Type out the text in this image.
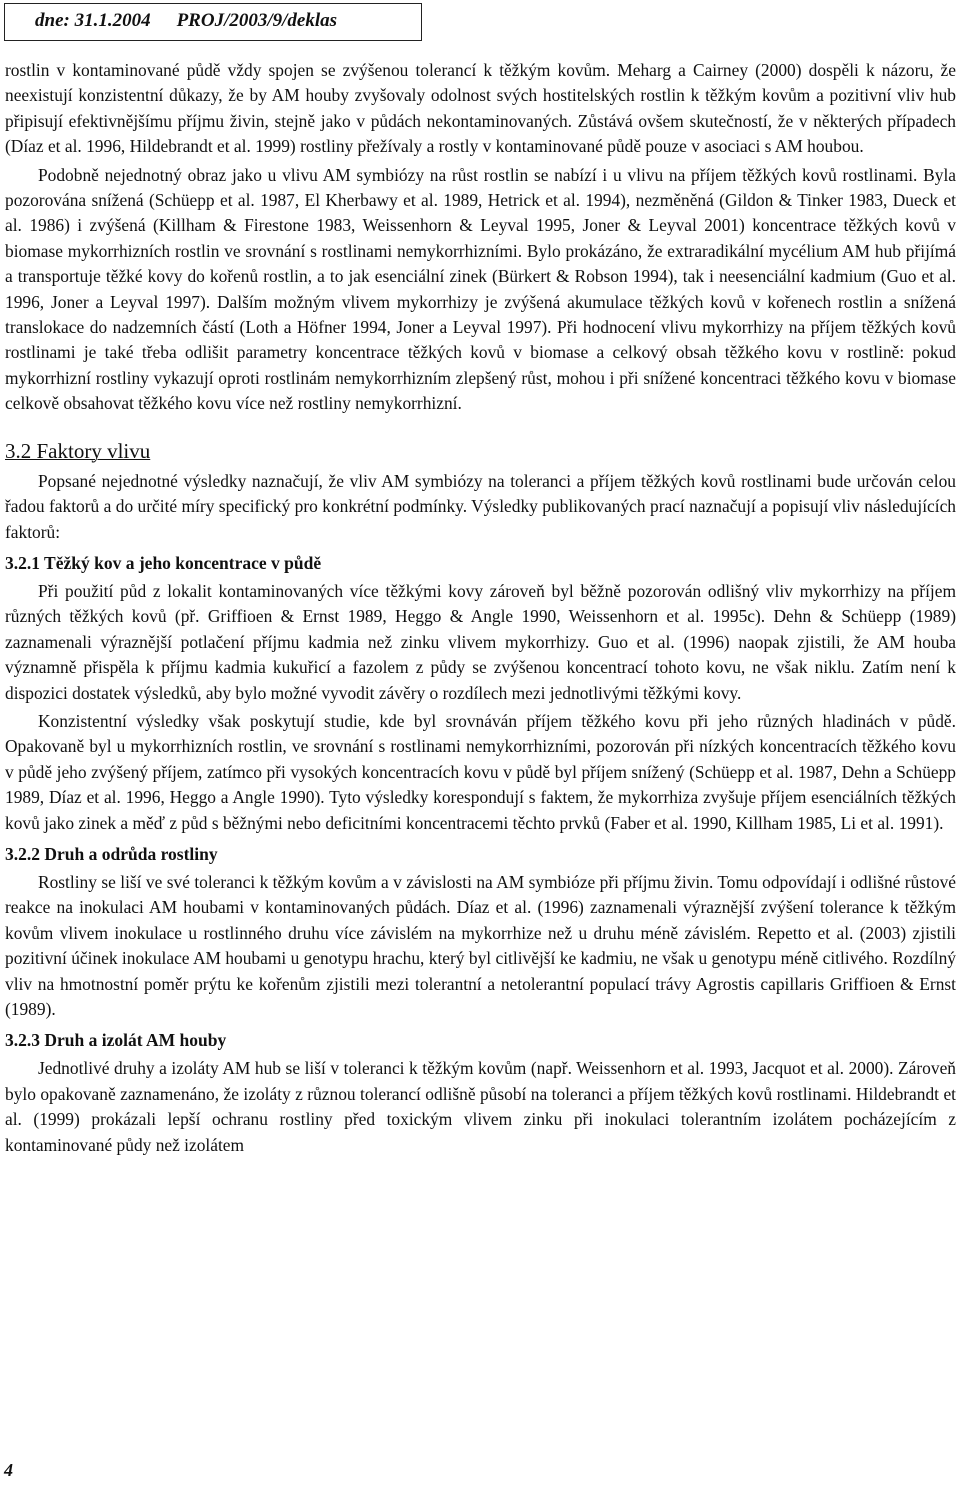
dne: 31.1.2004 PROJ/2003/9/deklas

rostlin v kontaminované půdě vždy spojen se zvýšenou tolerancí k těžkým kovům. Meharg a Cairney (2000) dospěli k názoru, že neexistují konzistentní důkazy, že by AM houby zvyšovaly odolnost svých hostitelských rostlin k těžkým kovům a pozitivní vliv hub připisují efektivnějšímu příjmu živin, stejně jako v půdách nekontaminovaných. Zůstává ovšem skutečností, že v některých případech (Díaz et al. 1996, Hildebrandt et al. 1999) rostliny přežívaly a rostly v kontaminované půdě pouze v asociaci s AM houbou.

Podobně nejednotný obraz jako u vlivu AM symbiózy na růst rostlin se nabízí i u vlivu na příjem těžkých kovů rostlinami. Byla pozorována snížená (Schüepp et al. 1987, El Kherbawy et al. 1989, Hetrick et al. 1994), nezměněná (Gildon & Tinker 1983, Dueck et al. 1986) i zvýšená (Killham & Firestone 1983, Weissenhorn & Leyval 1995, Joner & Leyval 2001) koncentrace těžkých kovů v biomase mykorrhizních rostlin ve srovnání s rostlinami nemykorrhizními. Bylo prokázáno, že extraradikální mycélium AM hub přijímá a transportuje těžké kovy do kořenů rostlin, a to jak esenciální zinek (Bürkert & Robson 1994), tak i neesenciální kadmium (Guo et al. 1996, Joner a Leyval 1997). Dalším možným vlivem mykorrhizy je zvýšená akumulace těžkých kovů v kořenech rostlin a snížená translokace do nadzemních částí (Loth a Höfner 1994, Joner a Leyval 1997). Při hodnocení vlivu mykorrhizy na příjem těžkých kovů rostlinami je také třeba odlišit parametry koncentrace těžkých kovů v biomase a celkový obsah těžkého kovu v rostlině: pokud mykorrhizní rostliny vykazují oproti rostlinám nemykorrhizním zlepšený růst, mohou i při snížené koncentraci těžkého kovu v biomase celkově obsahovat těžkého kovu více než rostliny nemykorrhizní.

3.2 Faktory vlivu

Popsané nejednotné výsledky naznačují, že vliv AM symbiózy na toleranci a příjem těžkých kovů rostlinami bude určován celou řadou faktorů a do určité míry specifický pro konkrétní podmínky. Výsledky publikovaných prací naznačují a popisují vliv následujících faktorů:

3.2.1 Těžký kov a jeho koncentrace v půdě

Při použití půd z lokalit kontaminovaných více těžkými kovy zároveň byl běžně pozorován odlišný vliv mykorrhizy na příjem různých těžkých kovů (př. Griffioen & Ernst 1989, Heggo & Angle 1990, Weissenhorn et al. 1995c). Dehn & Schüepp (1989) zaznamenali výraznější potlačení příjmu kadmia než zinku vlivem mykorrhizy. Guo et al. (1996) naopak zjistili, že AM houba významně přispěla k příjmu kadmia kukuřicí a fazolem z půdy se zvýšenou koncentrací tohoto kovu, ne však niklu. Zatím není k dispozici dostatek výsledků, aby bylo možné vyvodit závěry o rozdílech mezi jednotlivými těžkými kovy.

Konzistentní výsledky však poskytují studie, kde byl srovnáván příjem těžkého kovu při jeho různých hladinách v půdě. Opakovaně byl u mykorrhizních rostlin, ve srovnání s rostlinami nemykorrhizními, pozorován při nízkých koncentracích těžkého kovu v půdě jeho zvýšený příjem, zatímco při vysokých koncentracích kovu v půdě byl příjem snížený (Schüepp et al. 1987, Dehn a Schüepp 1989, Díaz et al. 1996, Heggo a Angle 1990). Tyto výsledky korespondují s faktem, že mykorrhiza zvyšuje příjem esenciálních těžkých kovů jako zinek a měď z půd s běžnými nebo deficitními koncentracemi těchto prvků (Faber et al. 1990, Killham 1985, Li et al. 1991).

3.2.2 Druh a odrůda rostliny

Rostliny se liší ve své toleranci k těžkým kovům a v závislosti na AM symbióze při příjmu živin. Tomu odpovídají i odlišné růstové reakce na inokulaci AM houbami v kontaminovaných půdách. Díaz et al. (1996) zaznamenali výraznější zvýšení tolerance k těžkým kovům vlivem inokulace u rostlinného druhu více závislém na mykorrhize než u druhu méně závislém. Repetto et al. (2003) zjistili pozitivní účinek inokulace AM houbami u genotypu hrachu, který byl citlivější ke kadmiu, ne však u genotypu méně citlivého. Rozdílný vliv na hmotnostní poměr prýtu ke kořenům zjistili mezi tolerantní a netolerantní populací trávy Agrostis capillaris Griffioen & Ernst (1989).

3.2.3 Druh a izolát AM houby

Jednotlivé druhy a izoláty AM hub se liší v toleranci k těžkým kovům (např. Weissenhorn et al. 1993, Jacquot et al. 2000). Zároveň bylo opakovaně zaznamenáno, že izoláty z různou tolerancí odlišně působí na toleranci a příjem těžkých kovů rostlinami. Hildebrandt et al. (1999) prokázali lepší ochranu rostliny před toxickým vlivem zinku při inokulaci tolerantním izolátem pocházejícím z kontaminované půdy než izolátem

4
